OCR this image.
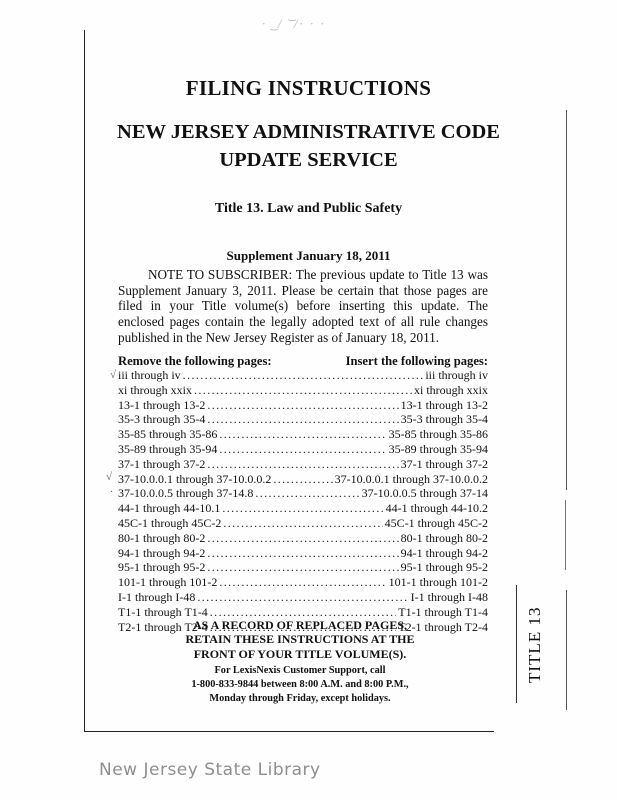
· ͜ / ͝ /· · ·
TITLE 13
FILING INSTRUCTIONS
NEW JERSEY ADMINISTRATIVE CODE
UPDATE SERVICE
Title 13. Law and Public Safety
Supplement January 18, 2011
NOTE TO SUBSCRIBER: The previous update to Title 13 was Supplement January 3, 2011. Please be certain that those pages are filed in your Title volume(s) before inserting this update. The enclosed pages contain the legally adopted text of all rule changes published in the New Jersey Register as of January 18, 2011.
Remove the following pages:	Insert the following pages:
iii through iv .....	iii through iv
xi through xxix .....	xi through xxix
13-1 through 13-2 .....	13-1 through 13-2
35-3 through 35-4 .....	35-3 through 35-4
35-85 through 35-86 .....	35-85 through 35-86
35-89 through 35-94 .....	35-89 through 35-94
37-1 through 37-2 .....	37-1 through 37-2
37-10.0.0.1 through 37-10.0.0.2 .....	37-10.0.0.1 through 37-10.0.0.2
37-10.0.0.5 through 37-14.8 .....	37-10.0.0.5 through 37-14
44-1 through 44-10.1 .....	44-1 through 44-10.2
45C-1 through 45C-2 .....	45C-1 through 45C-2
80-1 through 80-2 .....	80-1 through 80-2
94-1 through 94-2 .....	94-1 through 94-2
95-1 through 95-2 .....	95-1 through 95-2
101-1 through 101-2 .....	101-1 through 101-2
I-1 through I-48 .....	I-1 through I-48
T1-1 through T1-4 .....	T1-1 through T1-4
T2-1 through T2-4 .....	T2-1 through T2-4
√
√
·
AS A RECORD OF REPLACED PAGES,
RETAIN THESE INSTRUCTIONS AT THE
FRONT OF YOUR TITLE VOLUME(S).
For LexisNexis Customer Support, call
1-800-833-9844 between 8:00 A.M. and 8:00 P.M.,
Monday through Friday, except holidays.
New Jersey State Library
